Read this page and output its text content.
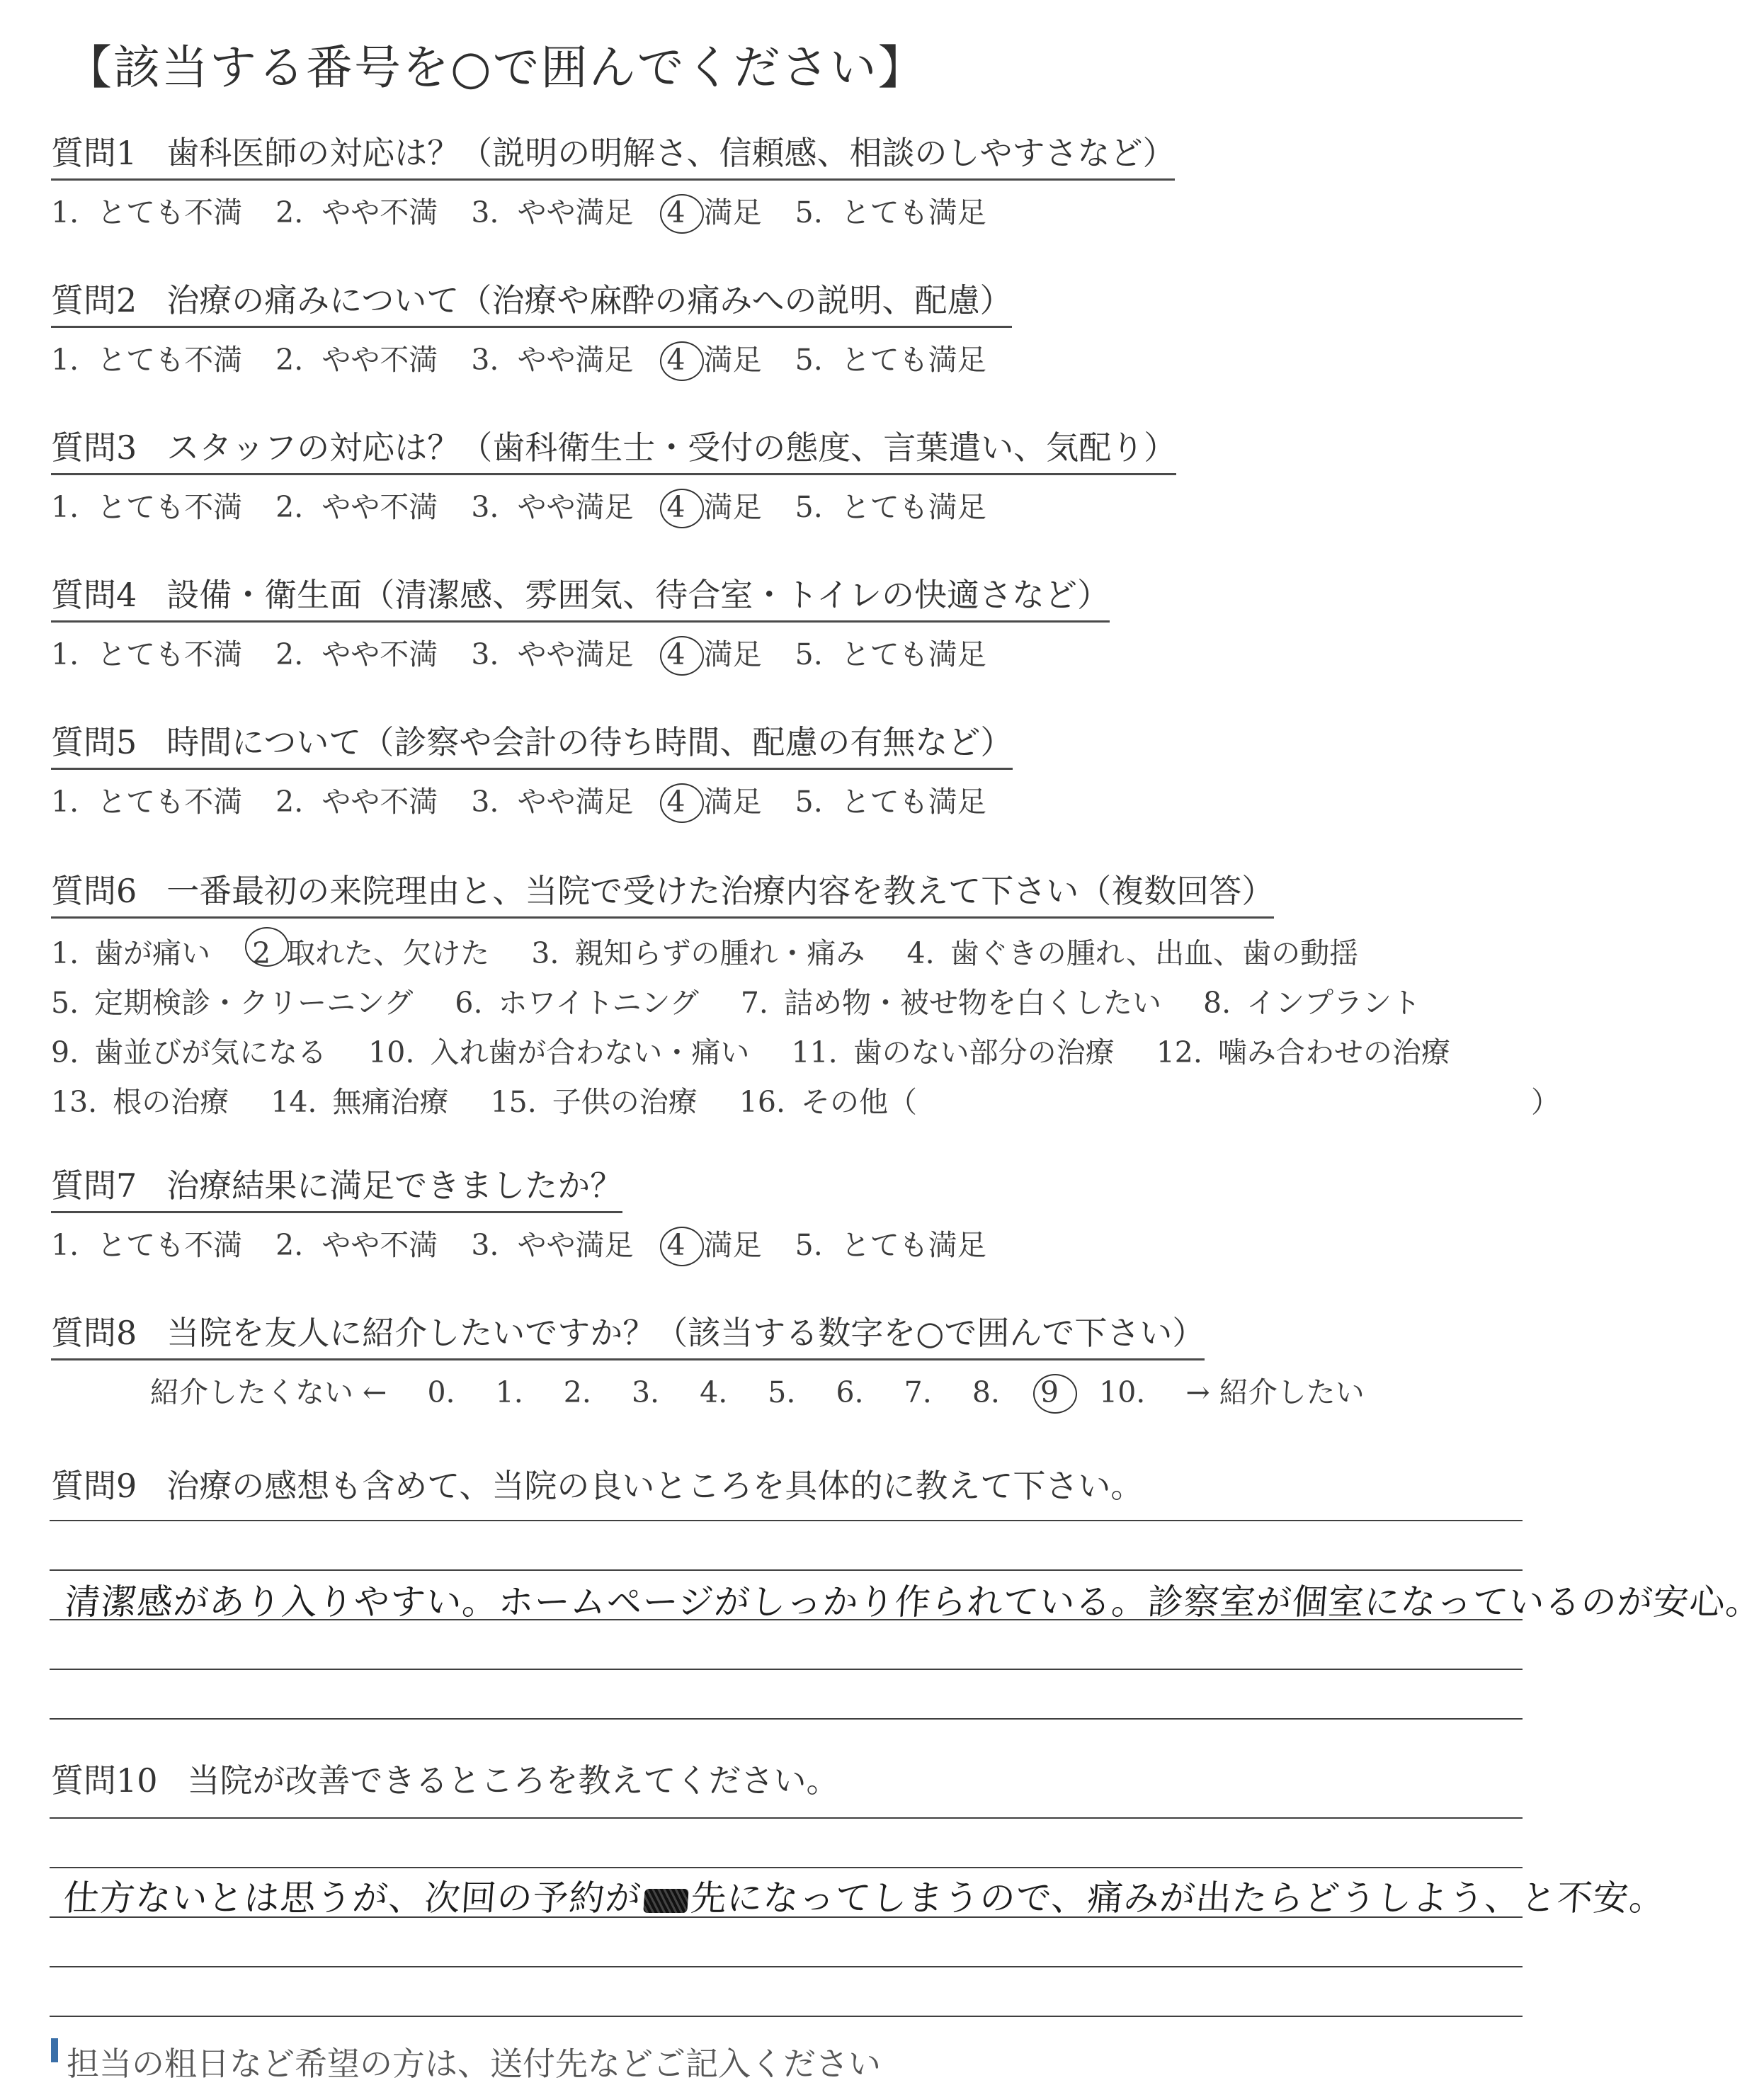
【該当する番号を○で囲んでください】
質問1 歯科医師の対応は？（説明の明解さ、信頼感、相談のしやすさなど）
1. とても不満 2. やや不満 3. やや満足 4 満足 5. とても満足
質問2 治療の痛みについて（治療や麻酔の痛みへの説明、配慮）
1. とても不満 2. やや不満 3. やや満足 4 満足 5. とても満足
質問3 スタッフの対応は？（歯科衛生士・受付の態度、言葉遣い、気配り）
1. とても不満 2. やや不満 3. やや満足 4 満足 5. とても満足
質問4 設備・衛生面（清潔感、雰囲気、待合室・トイレの快適さなど）
1. とても不満 2. やや不満 3. やや満足 4 満足 5. とても満足
質問5 時間について（診察や会計の待ち時間、配慮の有無など）
1. とても不満 2. やや不満 3. やや満足 4 満足 5. とても満足
質問6 一番最初の来院理由と、当院で受けた治療内容を教えて下さい（複数回答）
1. 歯が痛い 2 取れた、欠けた 3. 親知らずの腫れ・痛み 4. 歯ぐきの腫れ、出血、歯の動揺
5. 定期検診・クリーニング 6. ホワイトニング 7. 詰め物・被せ物を白くしたい 8. インプラント
9. 歯並びが気になる 10. 入れ歯が合わない・痛い 11. 歯のない部分の治療 12. 噛み合わせの治療
13. 根の治療 14. 無痛治療 15. 子供の治療 16. その他（	）
質問7 治療結果に満足できましたか？
1. とても不満 2. やや不満 3. やや満足 4 満足 5. とても満足
質問8 当院を友人に紹介したいですか？（該当する数字を○で囲んで下さい）
紹介したくない ← 0. 1. 2. 3. 4. 5. 6. 7. 8. 9 10. → 紹介したい
質問9 治療の感想も含めて、当院の良いところを具体的に教えて下さい。
清潔感があり入りやすい。ホームページがしっかり作られている。診察室が個室になっているのが安心。
質問10 当院が改善できるところを教えてください。
仕方ないとは思うが、次回の予約が 先になってしまうので、痛みが出たらどうしよう、と不安。
担当の粗日など希望の方は、送付先などご記入ください
